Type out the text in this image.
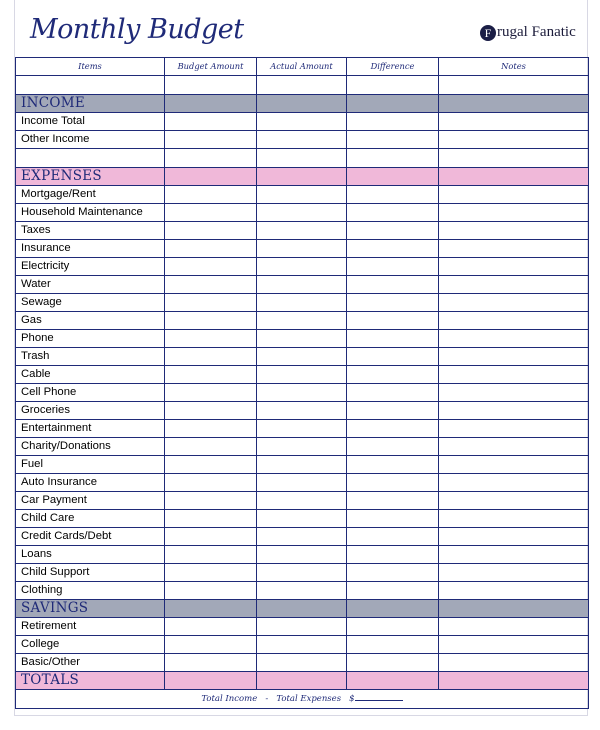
Monthly Budget	F rugal Fanatic
Items	Budget Amount	Actual Amount	Difference	Notes

INCOME				
Income Total				
Other Income				

EXPENSES				
Mortgage/Rent				
Household Maintenance				
Taxes				
Insurance				
Electricity				
Water				
Sewage				
Gas				
Phone				
Trash				
Cable				
Cell Phone				
Groceries				
Entertainment				
Charity/Donations				
Fuel				
Auto Insurance				
Car Payment				
Child Care				
Credit Cards/Debt				
Loans				
Child Support				
Clothing				
SAVINGS				
Retirement				
College				
Basic/Other				
TOTALS				
Total Income - Total Expenses $				
